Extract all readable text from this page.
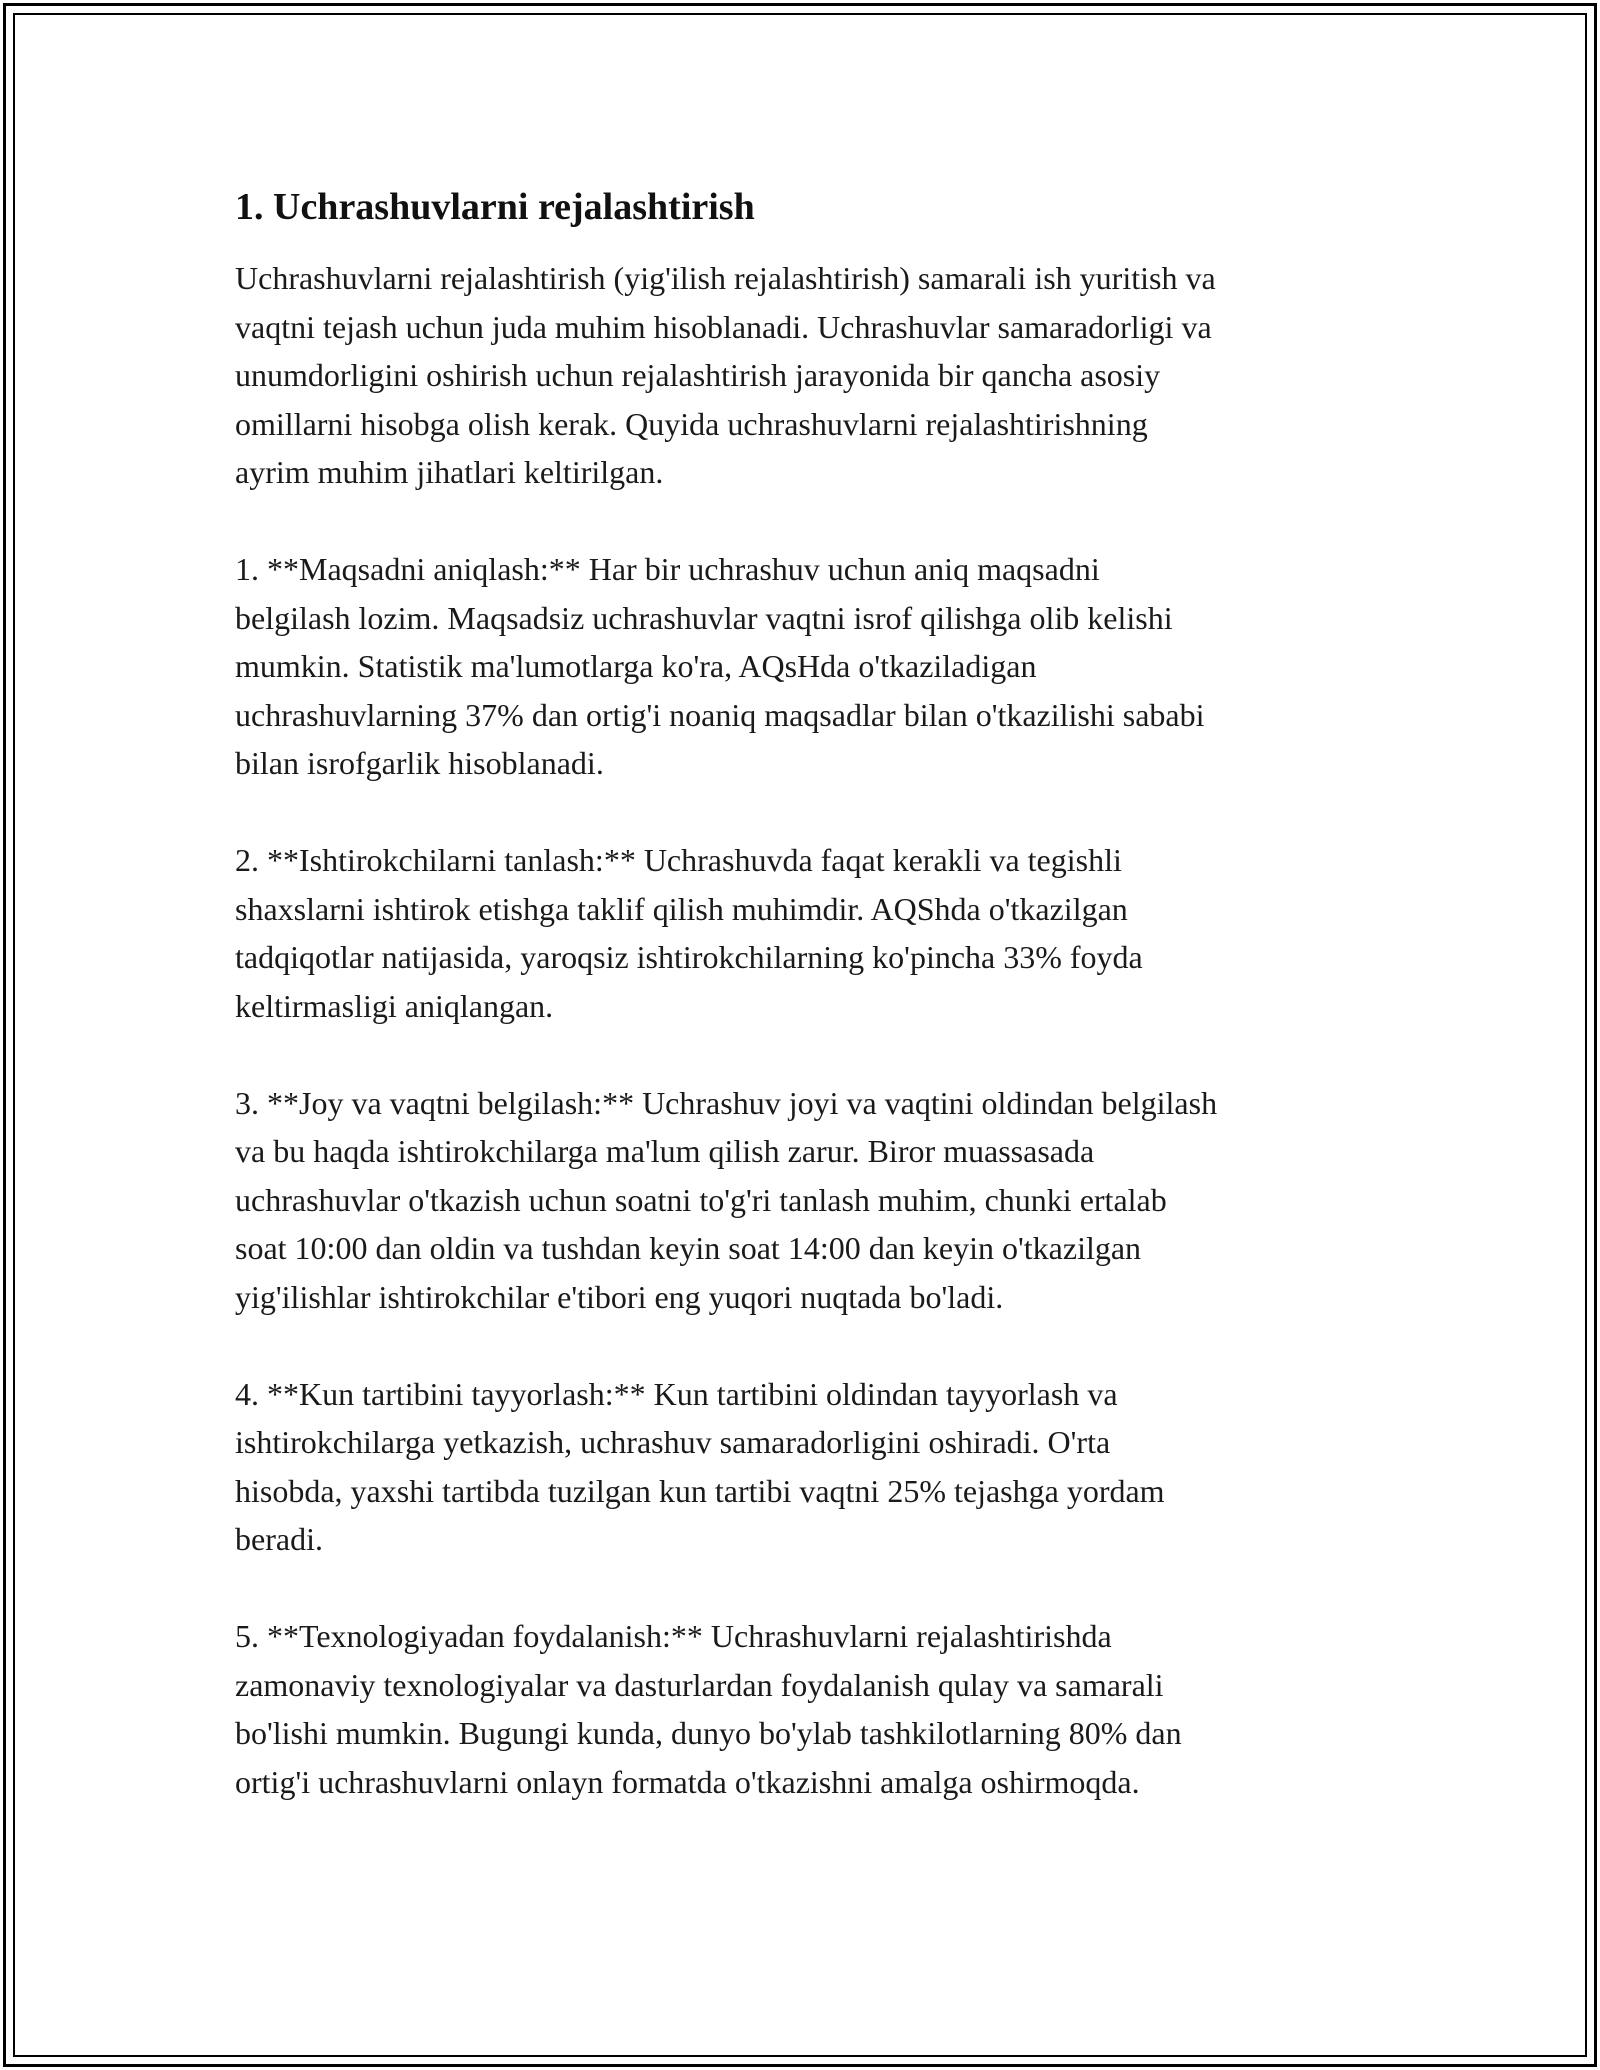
1. Uchrashuvlarni rejalashtirish

Uchrashuvlarni rejalashtirish (yig'ilish rejalashtirish) samarali ish yuritish va
vaqtni tejash uchun juda muhim hisoblanadi. Uchrashuvlar samaradorligi va
unumdorligini oshirish uchun rejalashtirish jarayonida bir qancha asosiy
omillarni hisobga olish kerak. Quyida uchrashuvlarni rejalashtirishning
ayrim muhim jihatlari keltirilgan.

1. **Maqsadni aniqlash:** Har bir uchrashuv uchun aniq maqsadni
belgilash lozim. Maqsadsiz uchrashuvlar vaqtni isrof qilishga olib kelishi
mumkin. Statistik ma'lumotlarga ko'ra, AQsHda o'tkaziladigan
uchrashuvlarning 37% dan ortig'i noaniq maqsadlar bilan o'tkazilishi sababi
bilan isrofgarlik hisoblanadi.

2. **Ishtirokchilarni tanlash:** Uchrashuvda faqat kerakli va tegishli
shaxslarni ishtirok etishga taklif qilish muhimdir. AQShda o'tkazilgan
tadqiqotlar natijasida, yaroqsiz ishtirokchilarning ko'pincha 33% foyda
keltirmasligi aniqlangan.

3. **Joy va vaqtni belgilash:** Uchrashuv joyi va vaqtini oldindan belgilash
va bu haqda ishtirokchilarga ma'lum qilish zarur. Biror muassasada
uchrashuvlar o'tkazish uchun soatni to'g'ri tanlash muhim, chunki ertalab
soat 10:00 dan oldin va tushdan keyin soat 14:00 dan keyin o'tkazilgan
yig'ilishlar ishtirokchilar e'tibori eng yuqori nuqtada bo'ladi.

4. **Kun tartibini tayyorlash:** Kun tartibini oldindan tayyorlash va
ishtirokchilarga yetkazish, uchrashuv samaradorligini oshiradi. O'rta
hisobda, yaxshi tartibda tuzilgan kun tartibi vaqtni 25% tejashga yordam
beradi.

5. **Texnologiyadan foydalanish:** Uchrashuvlarni rejalashtirishda
zamonaviy texnologiyalar va dasturlardan foydalanish qulay va samarali
bo'lishi mumkin. Bugungi kunda, dunyo bo'ylab tashkilotlarning 80% dan
ortig'i uchrashuvlarni onlayn formatda o'tkazishni amalga oshirmoqda.
